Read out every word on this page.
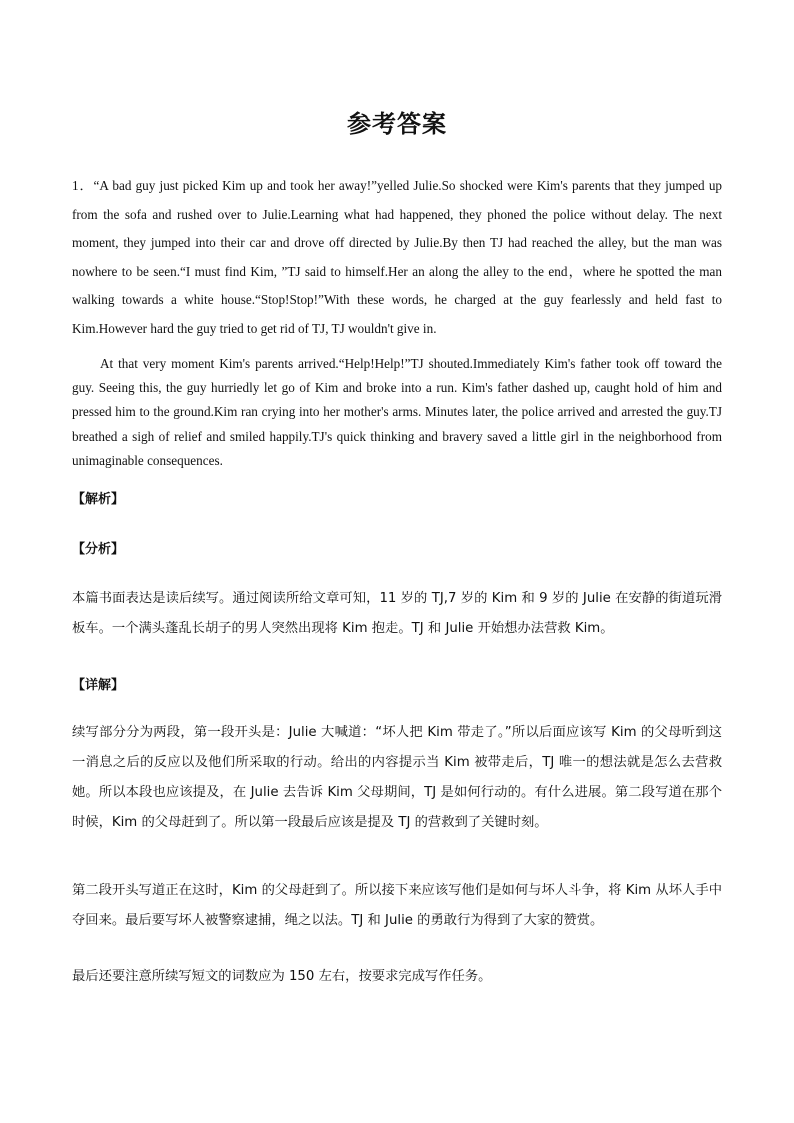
参考答案

1．“A bad guy just picked Kim up and took her away!”yelled Julie.So shocked were Kim's parents that they jumped up from the sofa and rushed over to Julie.Learning what had happened, they phoned the police without delay. The next moment, they jumped into their car and drove off directed by Julie.By then TJ had reached the alley, but the man was nowhere to be seen.“I must find Kim, ”TJ said to himself.Her an along the alley to the end，where he spotted the man walking towards a white house.“Stop!Stop!”With these words, he charged at the guy fearlessly and held fast to Kim.However hard the guy tried to get rid of TJ, TJ wouldn't give in.

At that very moment Kim's parents arrived.“Help!Help!”TJ shouted.Immediately Kim's father took off toward the guy. Seeing this, the guy hurriedly let go of Kim and broke into a run. Kim's father dashed up, caught hold of him and pressed him to the ground.Kim ran crying into her mother's arms. Minutes later, the police arrived and arrested the guy.TJ breathed a sigh of relief and smiled happily.TJ's quick thinking and bravery saved a little girl in the neighborhood from unimaginable consequences.

【解析】
【分析】
本篇书面表达是读后续写。通过阅读所给文章可知，11 岁的 TJ,7 岁的 Kim 和 9 岁的 Julie 在安静的街道玩滑板车。一个满头蓬乱长胡子的男人突然出现将 Kim 抱走。TJ 和 Julie 开始想办法营救 Kim。
【详解】
续写部分分为两段，第一段开头是：Julie 大喊道：“坏人把 Kim 带走了。”所以后面应该写 Kim 的父母听到这一消息之后的反应以及他们所采取的行动。给出的内容提示当 Kim 被带走后，TJ 唯一的想法就是怎么去营救她。所以本段也应该提及，在 Julie 去告诉 Kim 父母期间，TJ 是如何行动的。有什么进展。第二段写道在那个时候，Kim 的父母赶到了。所以第一段最后应该是提及 TJ 的营救到了关键时刻。
第二段开头写道正在这时，Kim 的父母赶到了。所以接下来应该写他们是如何与坏人斗争，将 Kim 从坏人手中夺回来。最后要写坏人被警察逮捕，绳之以法。TJ 和 Julie 的勇敢行为得到了大家的赞赏。
最后还要注意所续写短文的词数应为 150 左右，按要求完成写作任务。
